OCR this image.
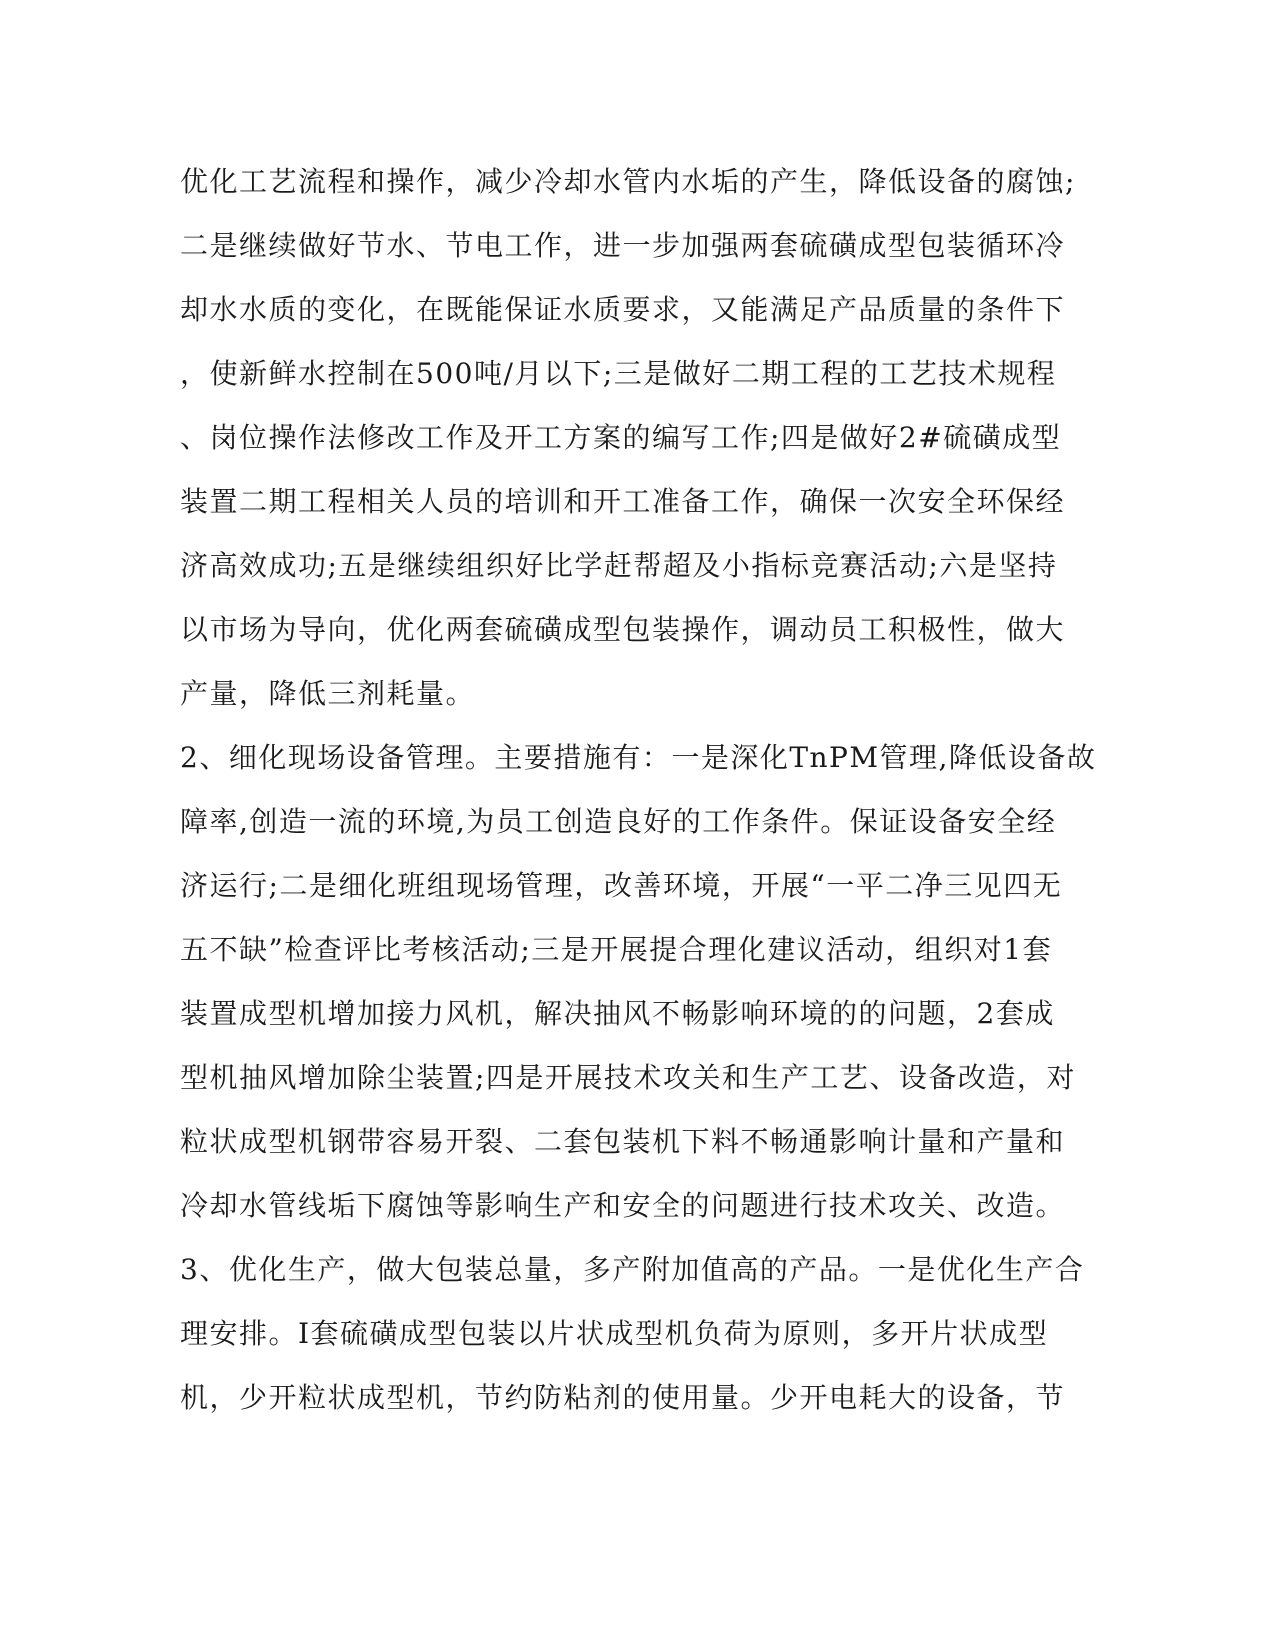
优化工艺流程和操作，减少冷却水管内水垢的产生，降低设备的腐蚀;
二是继续做好节水、节电工作，进一步加强两套硫磺成型包装循环冷
却水水质的变化，在既能保证水质要求，又能满足产品质量的条件下
，使新鲜水控制在500吨/月以下;三是做好二期工程的工艺技术规程
、岗位操作法修改工作及开工方案的编写工作;四是做好2#硫磺成型
装置二期工程相关人员的培训和开工准备工作，确保一次安全环保经
济高效成功;五是继续组织好比学赶帮超及小指标竞赛活动;六是坚持
以市场为导向，优化两套硫磺成型包装操作，调动员工积极性，做大
产量，降低三剂耗量。
2、细化现场设备管理。主要措施有：一是深化TnPM管理,降低设备故
障率,创造一流的环境,为员工创造良好的工作条件。保证设备安全经
济运行;二是细化班组现场管理，改善环境，开展“一平二净三见四无
五不缺”检查评比考核活动;三是开展提合理化建议活动，组织对1套
装置成型机增加接力风机，解决抽风不畅影响环境的的问题，2套成
型机抽风增加除尘装置;四是开展技术攻关和生产工艺、设备改造，对
粒状成型机钢带容易开裂、二套包装机下料不畅通影响计量和产量和
冷却水管线垢下腐蚀等影响生产和安全的问题进行技术攻关、改造。
3、优化生产，做大包装总量，多产附加值高的产品。一是优化生产合
理安排。Ⅰ套硫磺成型包装以片状成型机负荷为原则，多开片状成型
机，少开粒状成型机，节约防粘剂的使用量。少开电耗大的设备，节
